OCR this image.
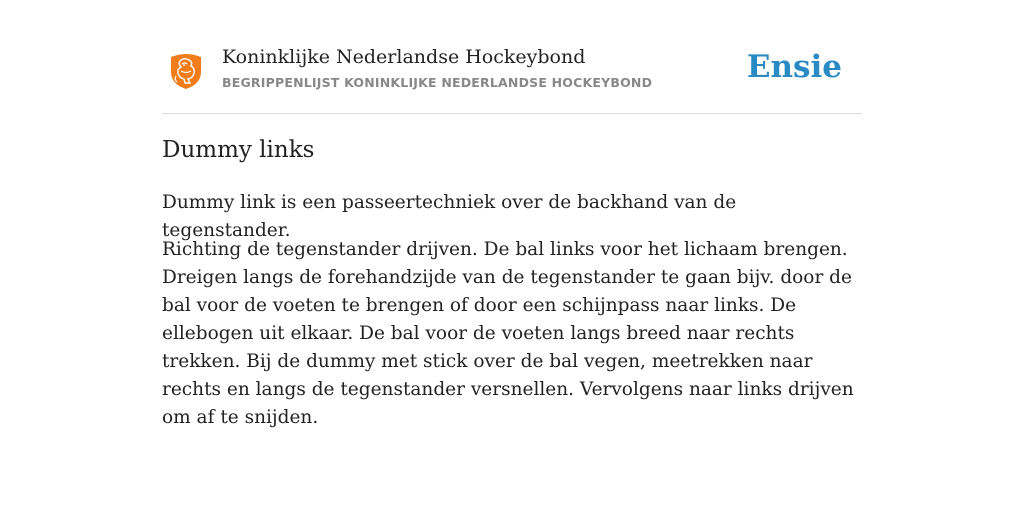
Koninklijke Nederlandse Hockeybond
BEGRIPPENLIJST KONINKLIJKE NEDERLANDSE HOCKEYBOND	Ensie
Dummy links

Dummy link is een passeertechniek over de backhand van de tegenstander.

Richting de tegenstander drijven. De bal links voor het lichaam brengen. Dreigen langs de forehandzijde van de tegenstander te gaan bijv. door de bal voor de voeten te brengen of door een schijnpass naar links. De ellebogen uit elkaar. De bal voor de voeten langs breed naar rechts trekken. Bij de dummy met stick over de bal vegen, meetrekken naar rechts en langs de tegenstander versnellen. Vervolgens naar links drijven om af te snijden.
